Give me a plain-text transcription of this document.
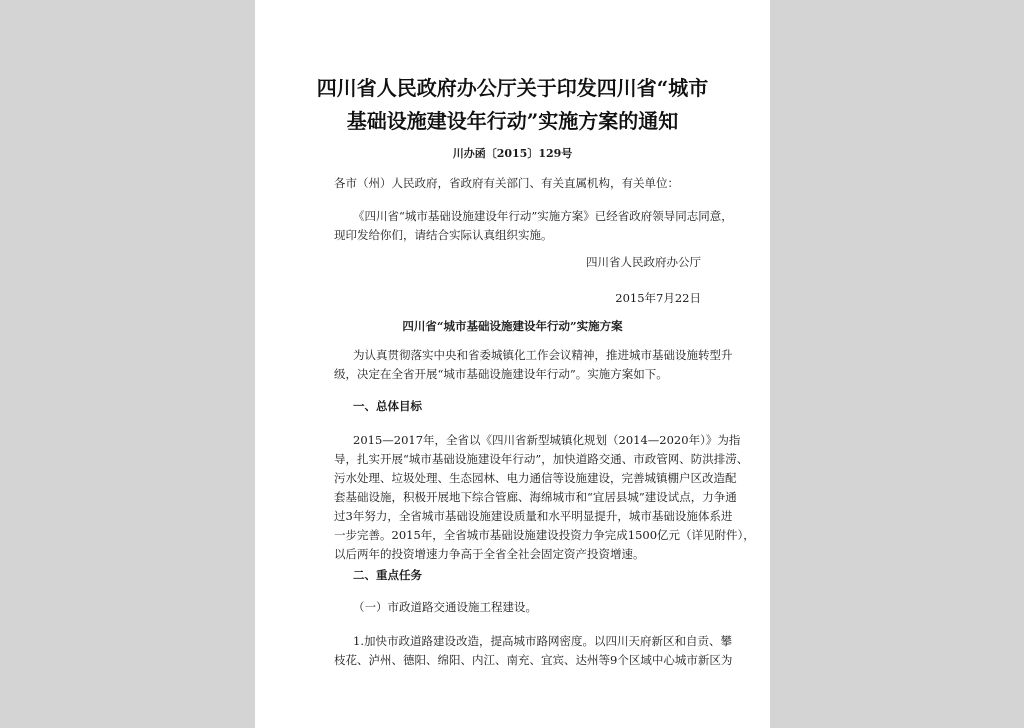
四川省人民政府办公厅关于印发四川省“城市
基础设施建设年行动”实施方案的通知
川办函〔2015〕129号
各市（州）人民政府，省政府有关部门、有关直属机构，有关单位：
《四川省“城市基础设施建设年行动”实施方案》已经省政府领导同志同意，
现印发给你们，请结合实际认真组织实施。
四川省人民政府办公厅
2015年7月22日
四川省“城市基础设施建设年行动”实施方案
为认真贯彻落实中央和省委城镇化工作会议精神，推进城市基础设施转型升
级，决定在全省开展“城市基础设施建设年行动”。实施方案如下。
一、总体目标
2015—2017年，全省以《四川省新型城镇化规划（2014—2020年）》为指
导，扎实开展“城市基础设施建设年行动”，加快道路交通、市政管网、防洪排涝、
污水处理、垃圾处理、生态园林、电力通信等设施建设，完善城镇棚户区改造配
套基础设施，积极开展地下综合管廊、海绵城市和“宜居县城”建设试点，力争通
过3年努力，全省城市基础设施建设质量和水平明显提升，城市基础设施体系进
一步完善。2015年，全省城市基础设施建设投资力争完成1500亿元（详见附件），
以后两年的投资增速力争高于全省全社会固定资产投资增速。
二、重点任务
（一）市政道路交通设施工程建设。
1.加快市政道路建设改造，提高城市路网密度。以四川天府新区和自贡、攀
枝花、泸州、德阳、绵阳、内江、南充、宜宾、达州等9个区域中心城市新区为
